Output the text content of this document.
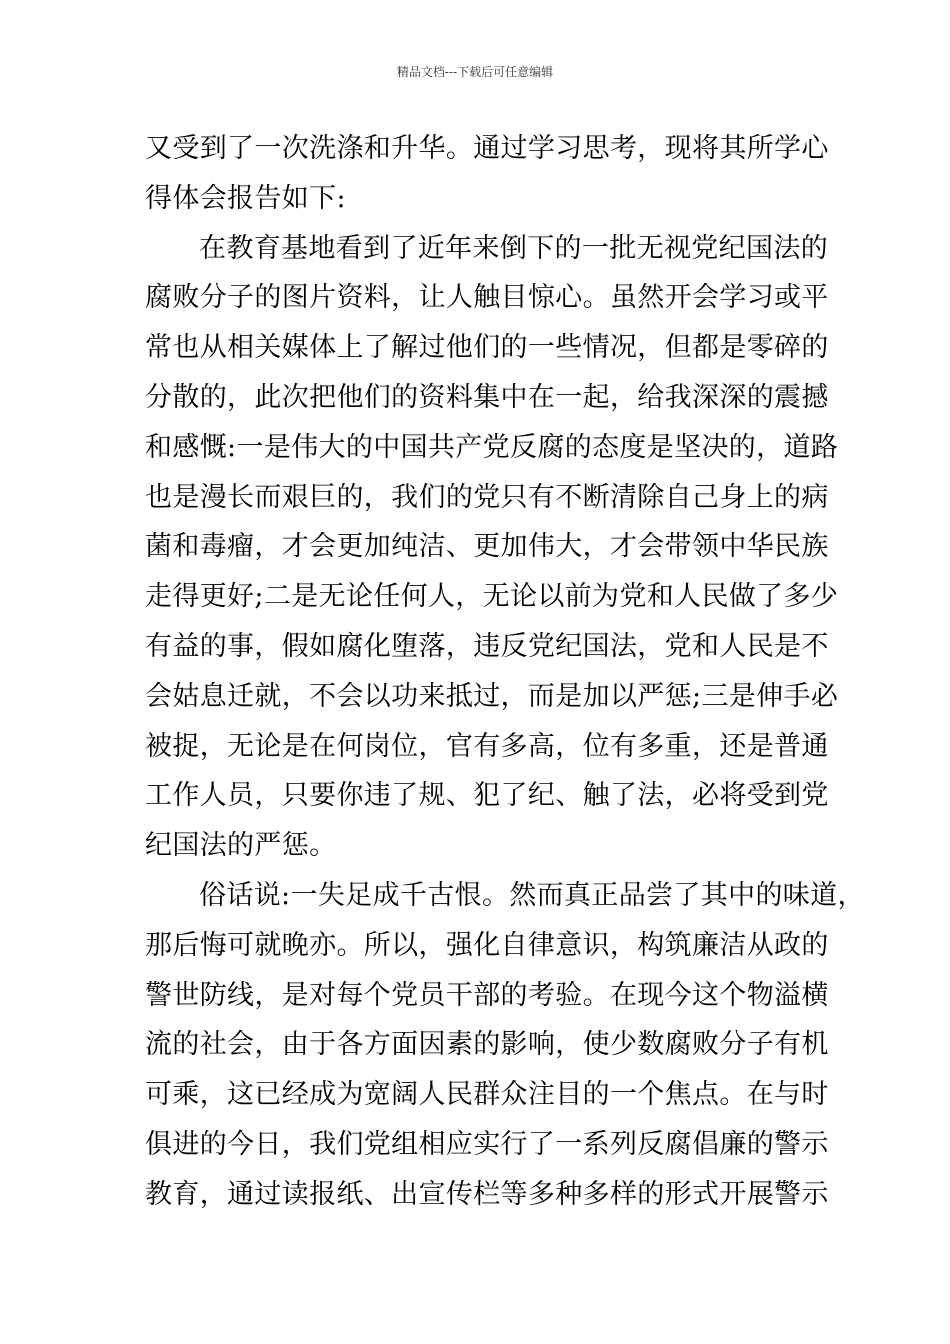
精品文档---下载后可任意编辑
又受到了一次洗涤和升华。通过学习思考，现将其所学心
得体会报告如下:
在教育基地看到了近年来倒下的一批无视党纪国法的
腐败分子的图片资料，让人触目惊心。虽然开会学习或平
常也从相关媒体上了解过他们的一些情况，但都是零碎的
分散的，此次把他们的资料集中在一起，给我深深的震撼
和感慨:一是伟大的中国共产党反腐的态度是坚决的，道路
也是漫长而艰巨的，我们的党只有不断清除自己身上的病
菌和毒瘤，才会更加纯洁、更加伟大，才会带领中华民族
走得更好;二是无论任何人，无论以前为党和人民做了多少
有益的事，假如腐化堕落，违反党纪国法，党和人民是不
会姑息迁就，不会以功来抵过，而是加以严惩;三是伸手必
被捉，无论是在何岗位，官有多高，位有多重，还是普通
工作人员，只要你违了规、犯了纪、触了法，必将受到党
纪国法的严惩。
俗话说:一失足成千古恨。然而真正品尝了其中的味道，
那后悔可就晚亦。所以，强化自律意识，构筑廉洁从政的
警世防线，是对每个党员干部的考验。在现今这个物溢横
流的社会，由于各方面因素的影响，使少数腐败分子有机
可乘，这已经成为宽阔人民群众注目的一个焦点。在与时
俱进的今日，我们党组相应实行了一系列反腐倡廉的警示
教育，通过读报纸、出宣传栏等多种多样的形式开展警示
